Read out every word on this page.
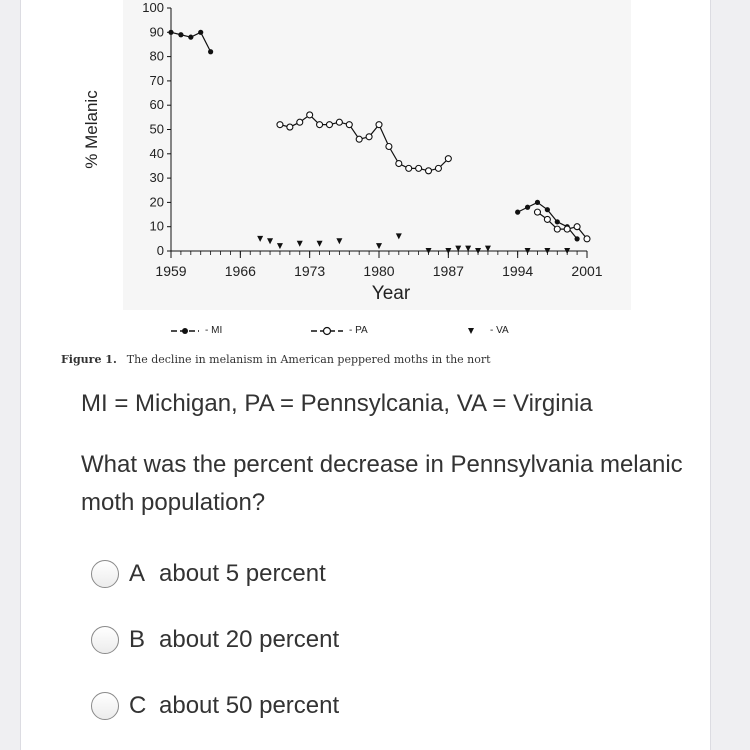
0
10
20
30
40
50
60
70
80
90
100
1959	1966	1973	1980	1987	1994	2001
Year
% Melanic
- MI	- PA	- VA
Figure 1. The decline in melanism in American peppered moths in the nort
MI = Michigan, PA = Pennsylcania, VA = Virginia
What was the percent decrease in Pennsylvania melanic moth population?
A about 5 percent
B about 20 percent
C about 50 percent
